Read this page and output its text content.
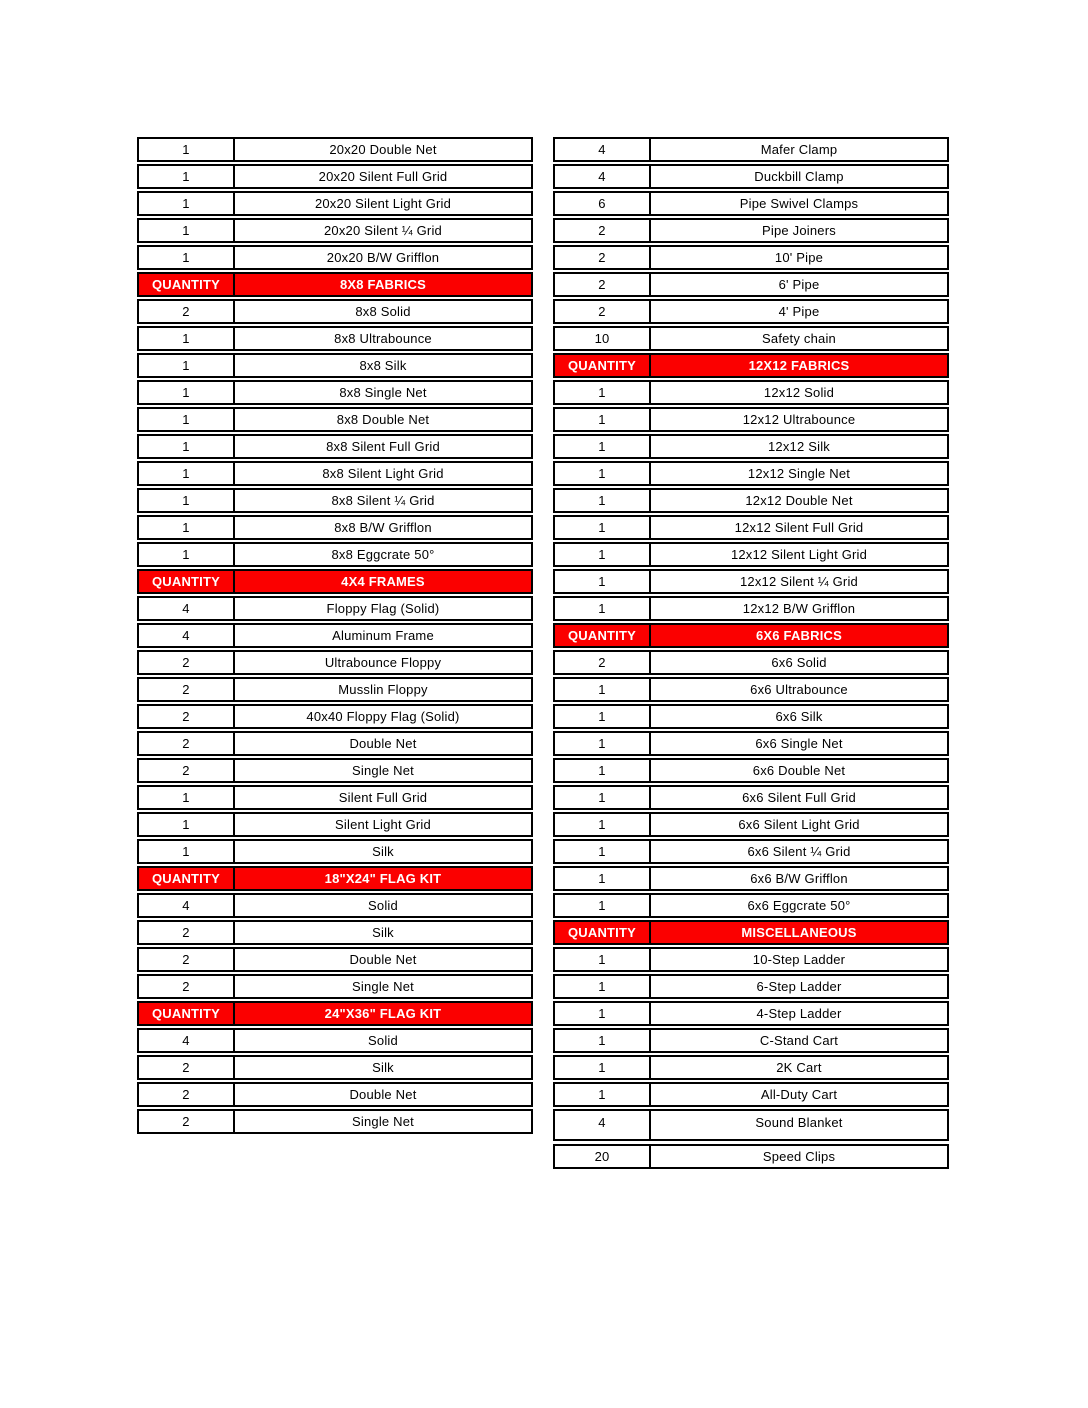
1	20x20 Double Net
1	20x20 Silent Full Grid
1	20x20 Silent Light Grid
1	20x20 Silent ¼ Grid
1	20x20 B/W Grifflon
QUANTITY	8X8 FABRICS
2	8x8 Solid
1	8x8 Ultrabounce
1	8x8 Silk
1	8x8 Single Net
1	8x8 Double Net
1	8x8 Silent Full Grid
1	8x8 Silent Light Grid
1	8x8 Silent ¼ Grid
1	8x8 B/W Grifflon
1	8x8 Eggcrate 50°
QUANTITY	4X4 FRAMES
4	Floppy Flag (Solid)
4	Aluminum Frame
2	Ultrabounce Floppy
2	Musslin Floppy
2	40x40 Floppy Flag (Solid)
2	Double Net
2	Single Net
1	Silent Full Grid
1	Silent Light Grid
1	Silk
QUANTITY	18"X24" FLAG KIT
4	Solid
2	Silk
2	Double Net
2	Single Net
QUANTITY	24"X36" FLAG KIT
4	Solid
2	Silk
2	Double Net
2	Single Net
4	Mafer Clamp
4	Duckbill Clamp
6	Pipe Swivel Clamps
2	Pipe Joiners
2	10' Pipe
2	6' Pipe
2	4' Pipe
10	Safety chain
QUANTITY	12X12 FABRICS
1	12x12 Solid
1	12x12 Ultrabounce
1	12x12 Silk
1	12x12 Single Net
1	12x12 Double Net
1	12x12 Silent Full Grid
1	12x12 Silent Light Grid
1	12x12 Silent ¼ Grid
1	12x12 B/W Grifflon
QUANTITY	6X6 FABRICS
2	6x6 Solid
1	6x6 Ultrabounce
1	6x6 Silk
1	6x6 Single Net
1	6x6 Double Net
1	6x6 Silent Full Grid
1	6x6 Silent Light Grid
1	6x6 Silent ¼ Grid
1	6x6 B/W Grifflon
1	6x6 Eggcrate 50°
QUANTITY	MISCELLANEOUS
1	10-Step Ladder
1	6-Step Ladder
1	4-Step Ladder
1	C-Stand Cart
1	2K Cart
1	All-Duty Cart
4	Sound Blanket
20	Speed Clips
